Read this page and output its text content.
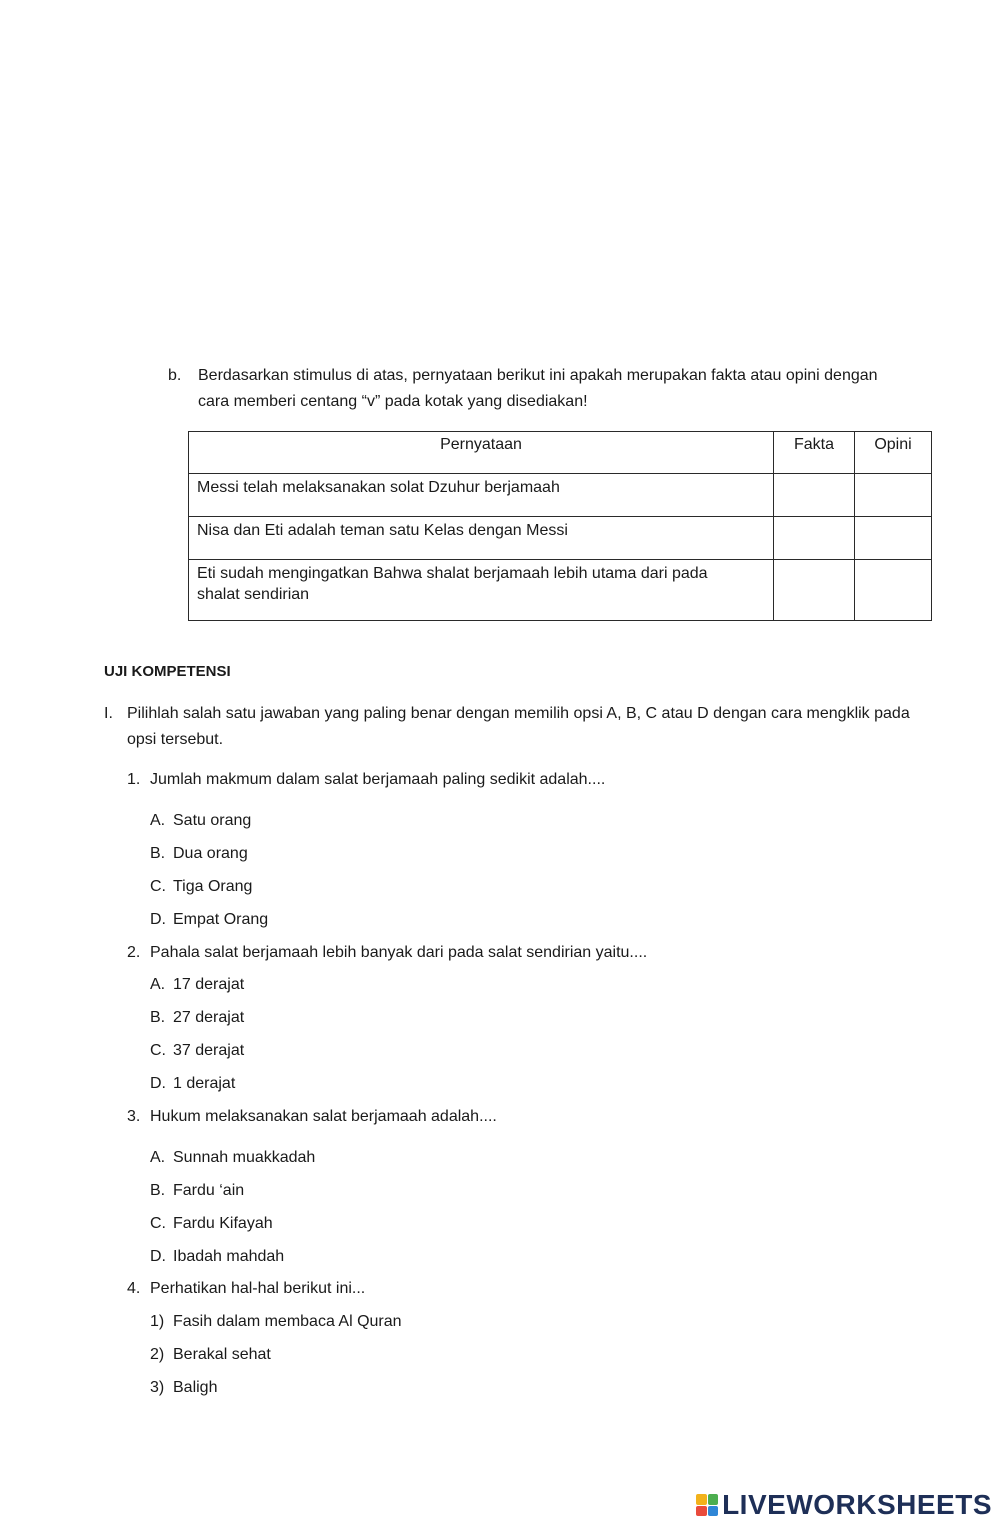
b. Berdasarkan stimulus di atas, pernyataan berikut ini apakah merupakan fakta atau opini dengan
cara memberi centang “v” pada kotak yang disediakan!
Pernyataan	Fakta	Opini
Messi telah melaksanakan solat Dzuhur berjamaah		
Nisa dan Eti adalah teman satu Kelas dengan Messi		

Eti sudah mengingatkan Bahwa shalat berjamaah lebih utama dari pada
shalat sendirian		

UJI KOMPETENSI
I. Pilihlah salah satu jawaban yang paling benar dengan memilih opsi A, B, C atau D dengan cara mengklik pada
opsi tersebut.
1. Jumlah makmum dalam salat berjamaah paling sedikit adalah....
A. Satu orang
B. Dua orang
C. Tiga Orang
D. Empat Orang
2. Pahala salat berjamaah lebih banyak dari pada salat sendirian yaitu....
A. 17 derajat
B. 27 derajat
C. 37 derajat
D. 1 derajat
3. Hukum melaksanakan salat berjamaah adalah....
A. Sunnah muakkadah
B. Fardu ‘ain
C. Fardu Kifayah
D. Ibadah mahdah
4. Perhatikan hal-hal berikut ini...
1) Fasih dalam membaca Al Quran
2) Berakal sehat
3) Baligh
LIVEWORKSHEETS
